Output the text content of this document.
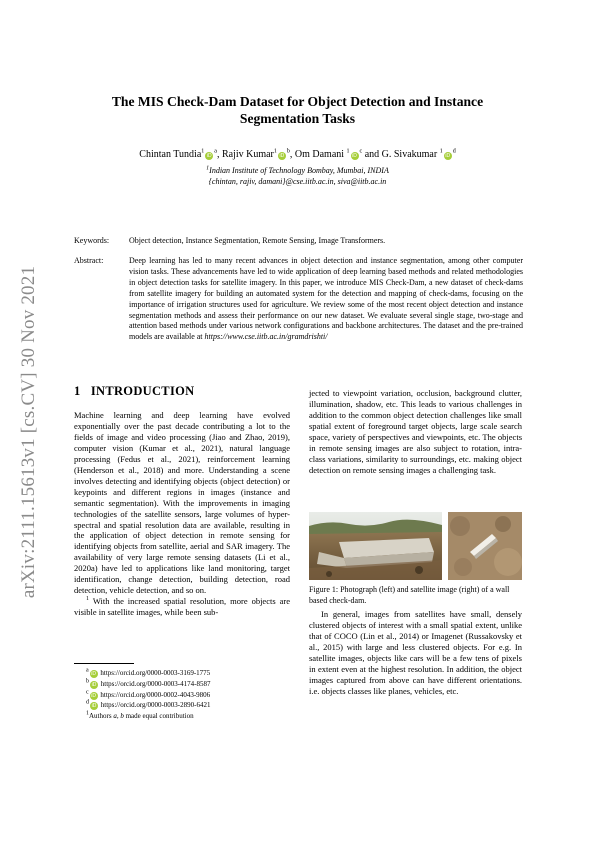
arXiv:2111.15613v1 [cs.CV] 30 Nov 2021
The MIS Check-Dam Dataset for Object Detection and Instance
Segmentation Tasks
Chintan $Tundia^1iD^a$, Rajiv $Kumar^1iD^b$, Om Damani $^1iD^c$ and G. Sivakumar $^1iD^d$
$^1$Indian Institute of Technology Bombay, Mumbai, INDIA
{chintan, rajiv, damani}@cse.iitb.ac.in, siva@iitb.ac.in
Keywords: Object detection, Instance Segmentation, Remote Sensing, Image Transformers.
Abstract:	Deep learning has led to many recent advances in object detection and instance segmentation, among other computer vision tasks. These advancements have led to wide application of deep learning based methods and related methodologies in object detection tasks for satellite imagery. In this paper, we introduce MIS Check-Dam, a new dataset of check-dams from satellite imagery for building an automated system for the detection and mapping of check-dams, focusing on the importance of irrigation structures used for agriculture. We review some of the most recent object detection and instance segmentation methods and assess their performance on our new dataset. We evaluate several single stage, two-stage and attention based methods under various network configurations and backbone architectures. The dataset and the pre-trained models are available at https://www.cse.iitb.ac.in/gramdrishti/
1 INTRODUCTION

Machine learning and deep learning have evolved exponentially over the past decade contributing a lot to the fields of image and video processing (Jiao and Zhao, 2019), computer vision (Kumar et al., 2021), natural language processing (Fedus et al., 2021), reinforcement learning (Henderson et al., 2018) and more. Understanding a scene involves detecting and identifying objects (object detection) or keypoints and different regions in images (instance and semantic segmentation). With the improvements in imaging technologies of the satellite sensors, large volumes of hyper-spectral and spatial resolution data are available, resulting in the application of object detection in remote sensing for identifying objects from satellite, aerial and SAR imagery. The availability of very large remote sensing datasets (Li et al., 2020a) have led to applications like land monitoring, target identification, change detection, building detection, road detection, vehicle detection, and so on.

$^1$ With the increased spatial resolution, more objects are visible in satellite images, while been sub-

jected to viewpoint variation, occlusion, background clutter, illumination, shadow, etc. This leads to various challenges in addition to the common object detection challenges like small spatial extent of foreground target objects, large scale search space, variety of perspectives and viewpoints, etc. The objects in remote sensing images are also subject to rotation, intra-class variations, similarity to surroundings, etc. making object detection on remote sensing images a challenging task.

Figure 1: Photograph (left) and satellite image (right) of a wall based check-dam.

In general, images from satellites have small, densely clustered objects of interest with a small spatial extent, unlike that of COCO (Lin et al., 2014) or Imagenet (Russakovsky et al., 2015) with large and less clustered objects. For e.g. In satellite images, objects like cars will be a few tens of pixels in extent even at the highest resolution. In addition, the object images captured from above can have different orientations. i.e. objects classes like planes, vehicles, etc.

$^a$iD https://orcid.org/0000-0003-3169-1775
$^b$iD https://orcid.org/0000-0003-4174-8587
$^c$iD https://orcid.org/0000-0002-4043-9806
$^d$iD https://orcid.org/0000-0003-2890-6421
$^1$Authors a, b made equal contribution
